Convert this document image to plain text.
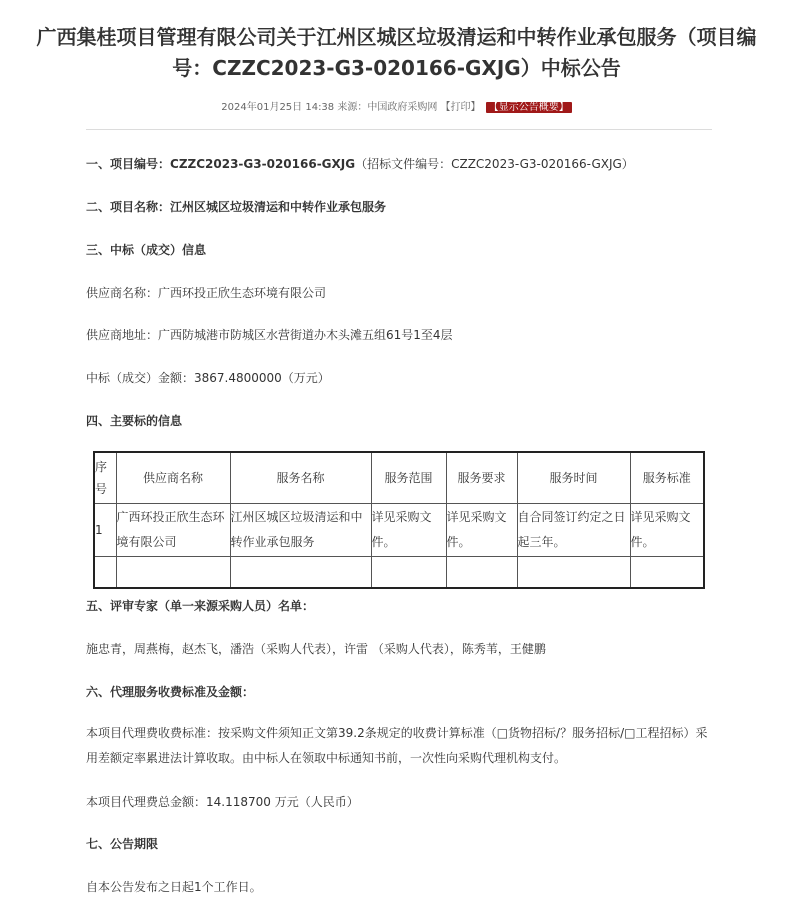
广西集桂项目管理有限公司关于江州区城区垃圾清运和中转作业承包服务（项目编
号：CZZC2023-G3-020166-GXJG）中标公告
2024年01月25日 14:38 来源：中国政府采购网 【打印】 【显示公告概要】
一、项目编号：CZZC2023-G3-020166-GXJG（招标文件编号：CZZC2023-G3-020166-GXJG）
二、项目名称：江州区城区垃圾清运和中转作业承包服务
三、中标（成交）信息
供应商名称：广西环投正欣生态环境有限公司
供应商地址：广西防城港市防城区水营街道办木头滩五组61号1至4层
中标（成交）金额：3867.4800000（万元）
四、主要标的信息
序号	供应商名称	服务名称	服务范围	服务要求	服务时间	服务标准
1	广西环投正欣生态环境有限公司	江州区城区垃圾清运和中转作业承包服务	详见采购文件。	详见采购文件。	自合同签订约定之日起三年。	详见采购文件。

五、评审专家（单一来源采购人员）名单：
施忠青，周燕梅，赵杰飞，潘浩（采购人代表），许雷 （采购人代表），陈秀苇，王健鹏
六、代理服务收费标准及金额：
本项目代理费收费标准：按采购文件须知正文第39.2条规定的收费计算标准（□货物招标/？服务招标/□工程招标）采用差额定率累进法计算收取。由中标人在领取中标通知书前，一次性向采购代理机构支付。
本项目代理费总金额：14.118700 万元（人民币）
七、公告期限
自本公告发布之日起1个工作日。
